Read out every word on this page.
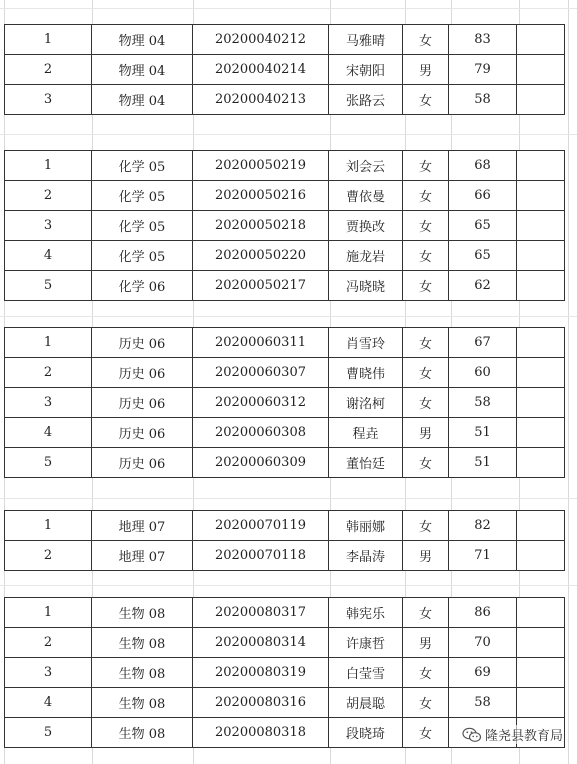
1	物理 04	20200040212	马雅晴	女	83	
2	物理 04	20200040214	宋朝阳	男	79	
3	物理 04	20200040213	张路云	女	58	
1	化学 05	20200050219	刘会云	女	68	
2	化学 05	20200050216	曹依曼	女	66	
3	化学 05	20200050218	贾换改	女	65	
4	化学 05	20200050220	施龙岩	女	65	
5	化学 06	20200050217	冯晓晓	女	62	
1	历史 06	20200060311	肖雪玲	女	67	
2	历史 06	20200060307	曹晓伟	女	60	
3	历史 06	20200060312	谢洺柯	女	58	
4	历史 06	20200060308	程垚	男	51	
5	历史 06	20200060309	董怡廷	女	51	
1	地理 07	20200070119	韩丽娜	女	82	
2	地理 07	20200070118	李晶涛	男	71	
1	生物 08	20200080317	韩宪乐	女	86	
2	生物 08	20200080314	许康哲	男	70	
3	生物 08	20200080319	白莹雪	女	69	
4	生物 08	20200080316	胡晨聪	女	58	
5	生物 08	20200080318	段晓琦	女			隆尧县教育局
